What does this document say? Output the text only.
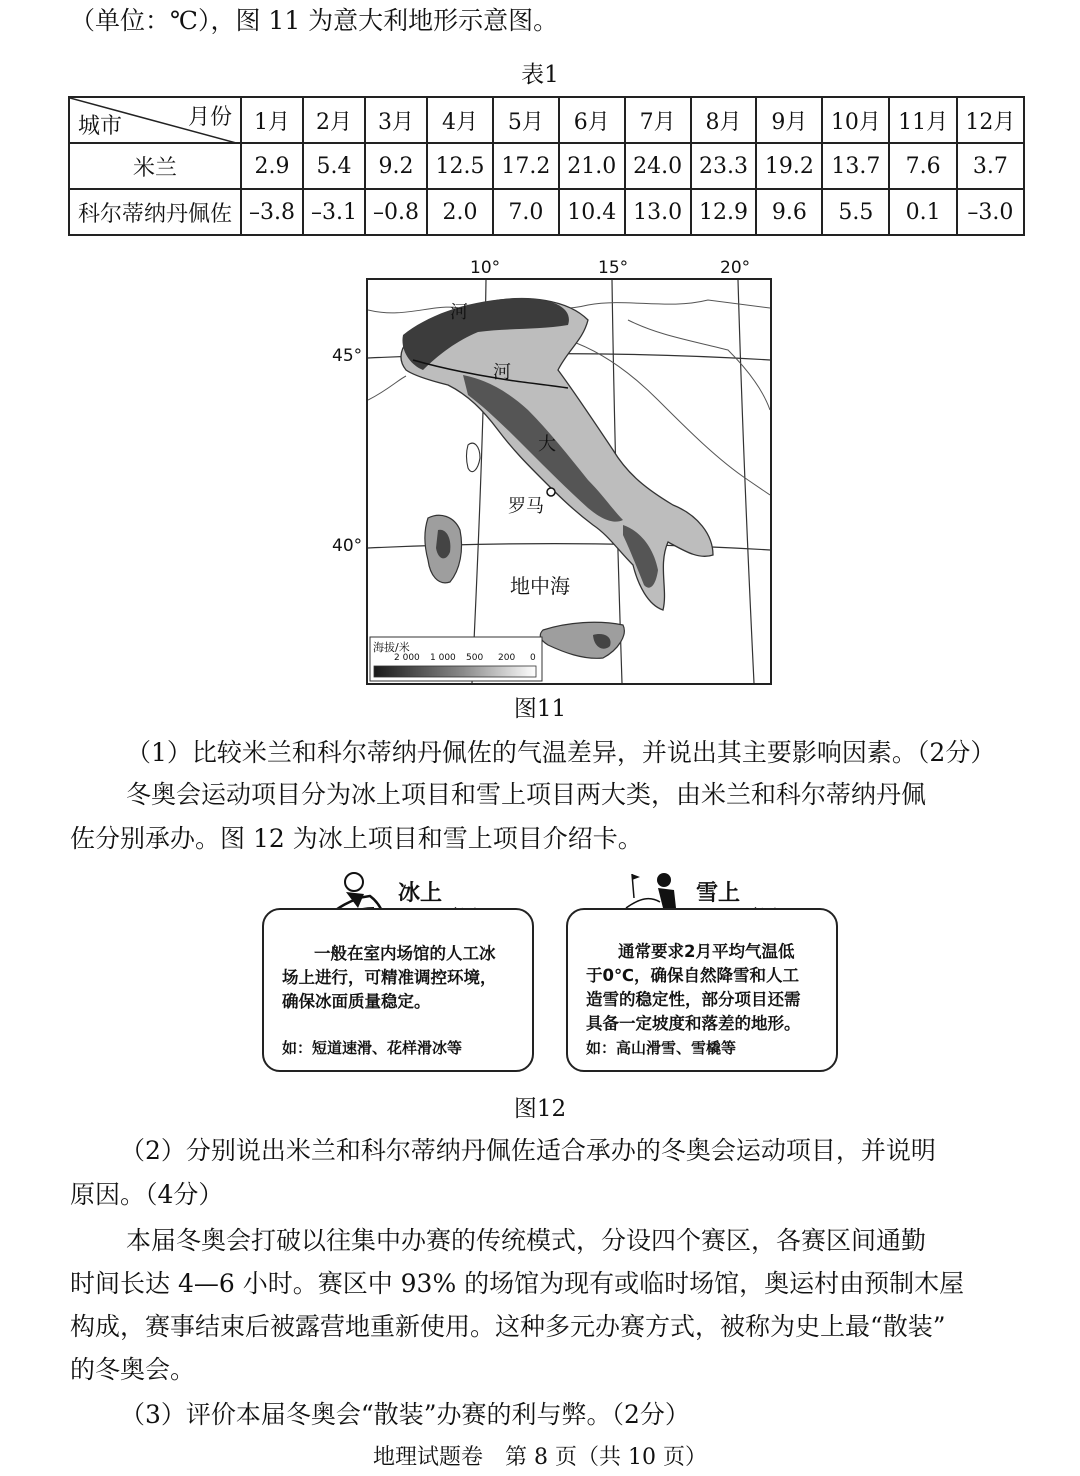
（单位：℃），图 11 为意大利地形示意图。
表1
月份
城市	1月	2月	3月	4月	5月	6月	7月	8月	9月	10月	11月	12月
米兰	2.9	5.4	9.2	12.5	17.2	21.0	24.0	23.3	19.2	13.7	7.6	3.7
科尔蒂纳丹佩佐	–3.8	–3.1	–0.8	2.0	7.0	10.4	13.0	12.9	9.6	5.5	0.1	–3.0
10°	15°	20°
45°
40°
河
河
大
罗马
地中海
海拔/米
2 000 1 000 500 200 0
图11
（1）比较米兰和科尔蒂纳丹佩佐的气温差异，并说出其主要影响因素。（2分）
冬奥会运动项目分为冰上项目和雪上项目两大类，由米兰和科尔蒂纳丹佩
佐分别承办。图 12 为冰上项目和雪上项目介绍卡。
冰上
一般在室内场馆的人工冰
场上进行，可精准调控环境，
确保冰面质量稳定。
如：短道速滑、花样滑冰等
雪上
通常要求2月平均气温低
于0℃，确保自然降雪和人工
造雪的稳定性，部分项目还需
具备一定坡度和落差的地形。
如：高山滑雪、雪橇等
图12
（2）分别说出米兰和科尔蒂纳丹佩佐适合承办的冬奥会运动项目，并说明
原因。（4分）
本届冬奥会打破以往集中办赛的传统模式，分设四个赛区，各赛区间通勤
时间长达 4—6 小时。赛区中 93% 的场馆为现有或临时场馆，奥运村由预制木屋
构成，赛事结束后被露营地重新使用。这种多元办赛方式，被称为史上最“散装”
的冬奥会。
（3）评价本届冬奥会“散装”办赛的利与弊。（2分）
地理试题卷　第 8 页（共 10 页）
